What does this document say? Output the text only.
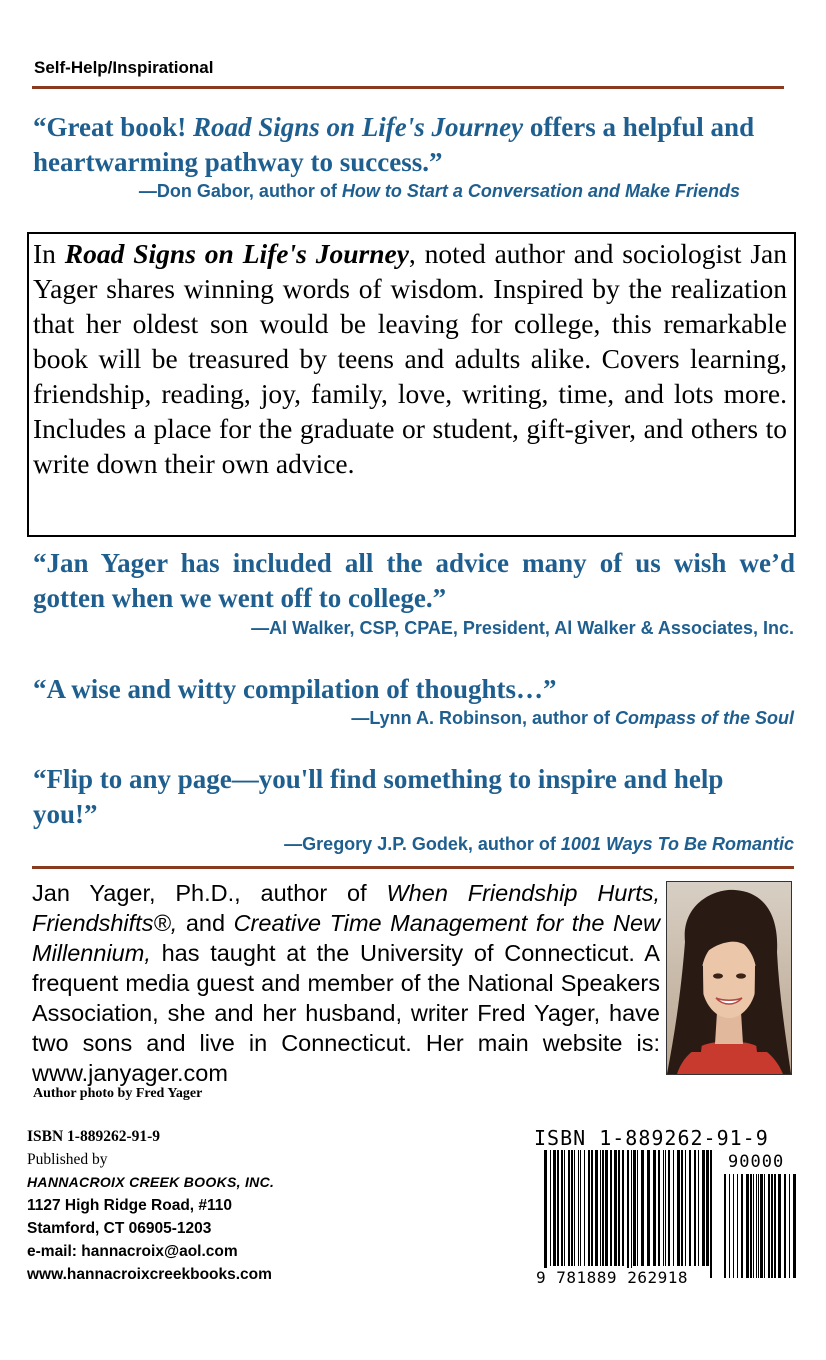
Self-Help/Inspirational
“Great book! Road Signs on Life's Journey offers a helpful and heartwarming pathway to success.”
—Don Gabor, author of How to Start a Conversation and Make Friends
In Road Signs on Life's Journey, noted author and sociologist Jan Yager shares winning words of wisdom. Inspired by the realization that her oldest son would be leaving for college, this remarkable book will be treasured by teens and adults alike. Covers learning, friendship, reading, joy, family, love, writing, time, and lots more. Includes a place for the graduate or student, gift-giver, and others to write down their own advice.
“Jan Yager has included all the advice many of us wish we’d gotten when we went off to college.”
—Al Walker, CSP, CPAE, President, Al Walker & Associates, Inc.
“A wise and witty compilation of thoughts…”
—Lynn A. Robinson, author of Compass of the Soul
“Flip to any page—you'll find something to inspire and help you!”
—Gregory J.P. Godek, author of 1001 Ways To Be Romantic
Jan Yager, Ph.D., author of When Friendship Hurts, Friendshifts®, and Creative Time Management for the New Millennium, has taught at the University of Connecticut. A frequent media guest and member of the National Speakers Association, she and her husband, writer Fred Yager, have two sons and live in Connecticut. Her main website is: www.janyager.com
Author photo by Fred Yager
ISBN 1-889262-91-9
Published by
HANNACROIX CREEK BOOKS, INC.
1127 High Ridge Road, #110
Stamford, CT 06905-1203
e-mail: hannacroix@aol.com
www.hannacroixcreekbooks.com
ISBN 1-889262-91-9
90000
9 781889 262918
